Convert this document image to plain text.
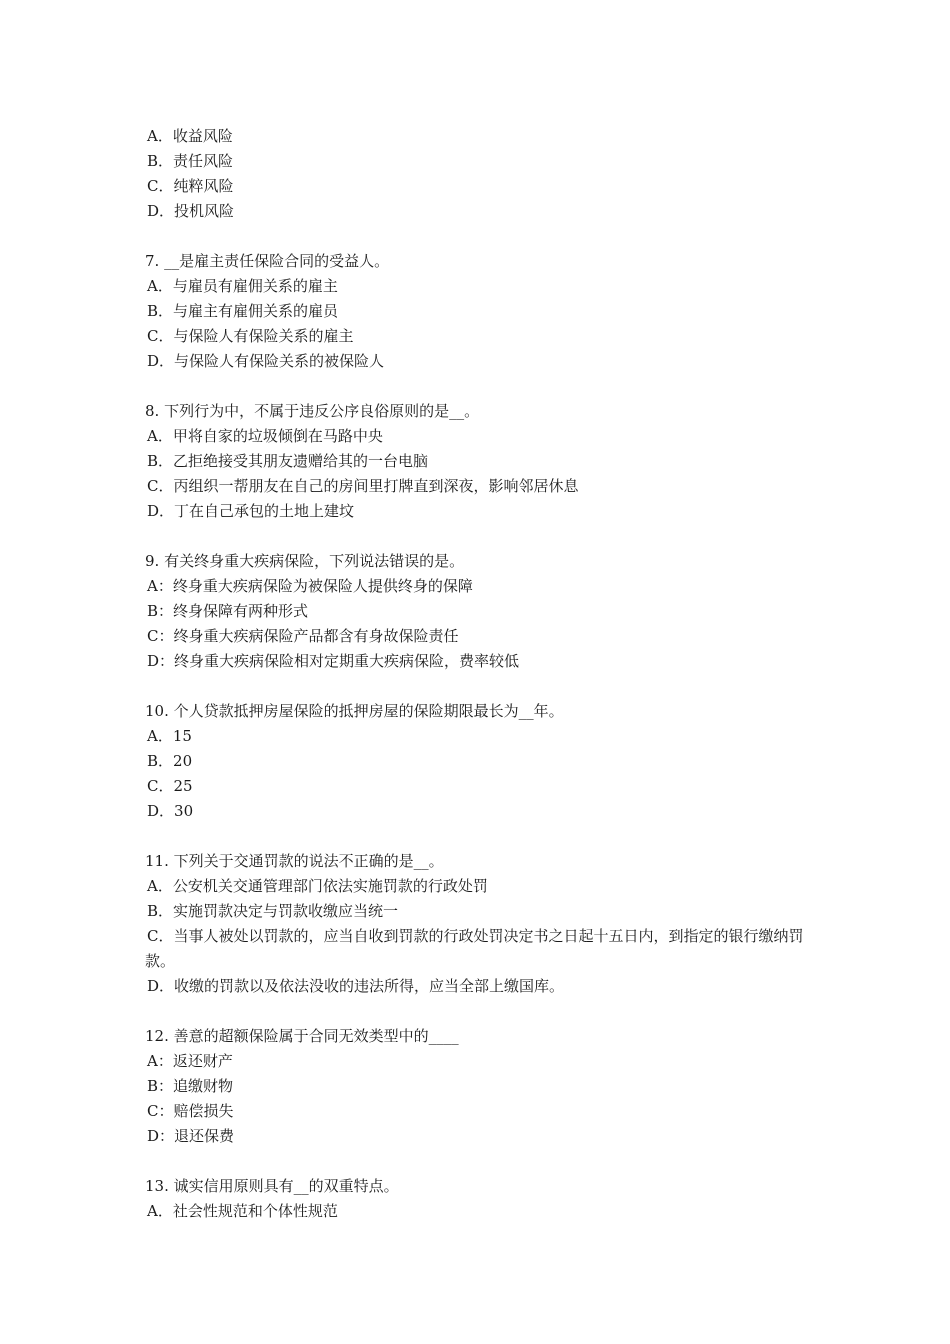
A．收益风险
B．责任风险
C．纯粹风险
D．投机风险
7. __是雇主责任保险合同的受益人。
A．与雇员有雇佣关系的雇主
B．与雇主有雇佣关系的雇员
C．与保险人有保险关系的雇主
D．与保险人有保险关系的被保险人
8. 下列行为中，不属于违反公序良俗原则的是__。
A．甲将自家的垃圾倾倒在马路中央
B．乙拒绝接受其朋友遗赠给其的一台电脑
C．丙组织一帮朋友在自己的房间里打牌直到深夜，影响邻居休息
D．丁在自己承包的土地上建坟
9. 有关终身重大疾病保险，下列说法错误的是。
A：终身重大疾病保险为被保险人提供终身的保障
B：终身保障有两种形式
C：终身重大疾病保险产品都含有身故保险责任
D：终身重大疾病保险相对定期重大疾病保险，费率较低
10. 个人贷款抵押房屋保险的抵押房屋的保险期限最长为__年。
A．15
B．20
C．25
D．30
11. 下列关于交通罚款的说法不正确的是__。
A．公安机关交通管理部门依法实施罚款的行政处罚
B．实施罚款决定与罚款收缴应当统一
C．当事人被处以罚款的，应当自收到罚款的行政处罚决定书之日起十五日内，到指定的银行缴纳罚款。
D．收缴的罚款以及依法没收的违法所得，应当全部上缴国库。
12. 善意的超额保险属于合同无效类型中的____
A：返还财产
B：追缴财物
C：赔偿损失
D：退还保费
13. 诚实信用原则具有__的双重特点。
A．社会性规范和个体性规范
